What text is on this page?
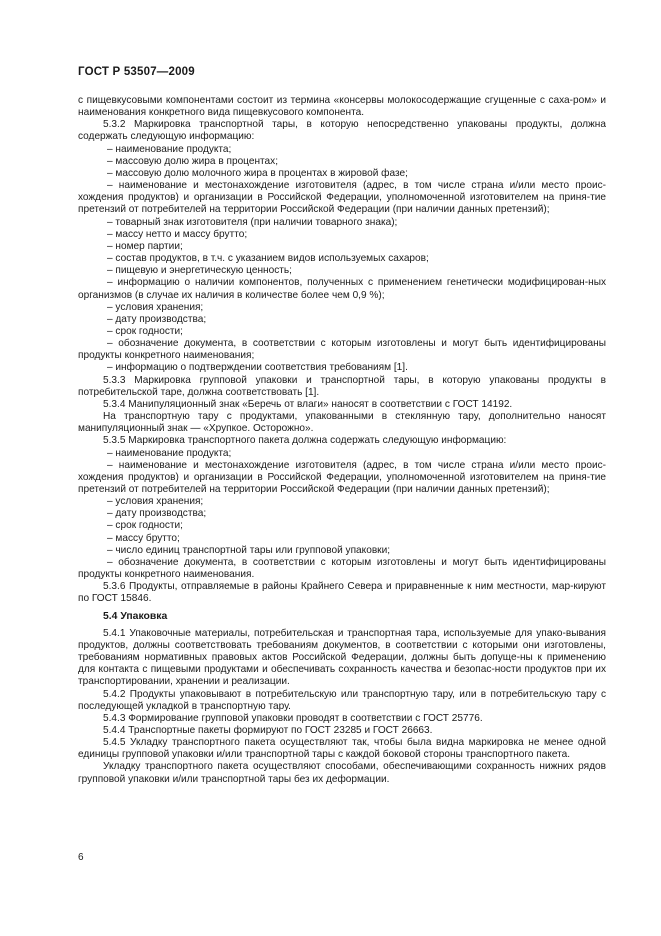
ГОСТ Р 53507—2009

с пищевкусовыми компонентами состоит из термина «консервы молокосодержащие сгущенные с саха-ром» и наименования конкретного вида пищевкусового компонента.

5.3.2 Маркировка транспортной тары, в которую непосредственно упакованы продукты, должна содержать следующую информацию:

– наименование продукта;

– массовую долю жира в процентах;

– массовую долю молочного жира в процентах в жировой фазе;

– наименование и местонахождение изготовителя (адрес, в том числе страна и/или место проис-хождения продуктов) и организации в Российской Федерации, уполномоченной изготовителем на приня-тие претензий от потребителей на территории Российской Федерации (при наличии данных претензий);

– товарный знак изготовителя (при наличии товарного знака);

– массу нетто и массу брутто;

– номер партии;

– состав продуктов, в т.ч. с указанием видов используемых сахаров;

– пищевую и энергетическую ценность;

– информацию о наличии компонентов, полученных с применением генетически модифицирован-ных организмов (в случае их наличия в количестве более чем 0,9 %);

– условия хранения;

– дату производства;

– срок годности;

– обозначение документа, в соответствии с которым изготовлены и могут быть идентифицированы продукты конкретного наименования;

– информацию о подтверждении соответствия требованиям [1].

5.3.3 Маркировка групповой упаковки и транспортной тары, в которую упакованы продукты в потребительской таре, должна соответствовать [1].

5.3.4 Манипуляционный знак «Беречь от влаги» наносят в соответствии с ГОСТ 14192.

На транспортную тару с продуктами, упакованными в стеклянную тару, дополнительно наносят манипуляционный знак — «Хрупкое. Осторожно».

5.3.5 Маркировка транспортного пакета должна содержать следующую информацию:

– наименование продукта;

– наименование и местонахождение изготовителя (адрес, в том числе страна и/или место проис-хождения продуктов) и организации в Российской Федерации, уполномоченной изготовителем на приня-тие претензий от потребителей на территории Российской Федерации (при наличии данных претензий);

– условия хранения;

– дату производства;

– срок годности;

– массу брутто;

– число единиц транспортной тары или групповой упаковки;

– обозначение документа, в соответствии с которым изготовлены и могут быть идентифицированы продукты конкретного наименования.

5.3.6 Продукты, отправляемые в районы Крайнего Севера и приравненные к ним местности, мар-кируют по ГОСТ 15846.

5.4 Упаковка

5.4.1 Упаковочные материалы, потребительская и транспортная тара, используемые для упако-вывания продуктов, должны соответствовать требованиям документов, в соответствии с которыми они изготовлены, требованиям нормативных правовых актов Российской Федерации, должны быть допуще-ны к применению для контакта с пищевыми продуктами и обеспечивать сохранность качества и безопас-ности продуктов при их транспортировании, хранении и реализации.

5.4.2 Продукты упаковывают в потребительскую или транспортную тару, или в потребительскую тару с последующей укладкой в транспортную тару.

5.4.3 Формирование групповой упаковки проводят в соответствии с ГОСТ 25776.

5.4.4 Транспортные пакеты формируют по ГОСТ 23285 и ГОСТ 26663.

5.4.5 Укладку транспортного пакета осуществляют так, чтобы была видна маркировка не менее одной единицы групповой упаковки и/или транспортной тары с каждой боковой стороны транспортного пакета.

Укладку транспортного пакета осуществляют способами, обеспечивающими сохранность нижних рядов групповой упаковки и/или транспортной тары без их деформации.

6
